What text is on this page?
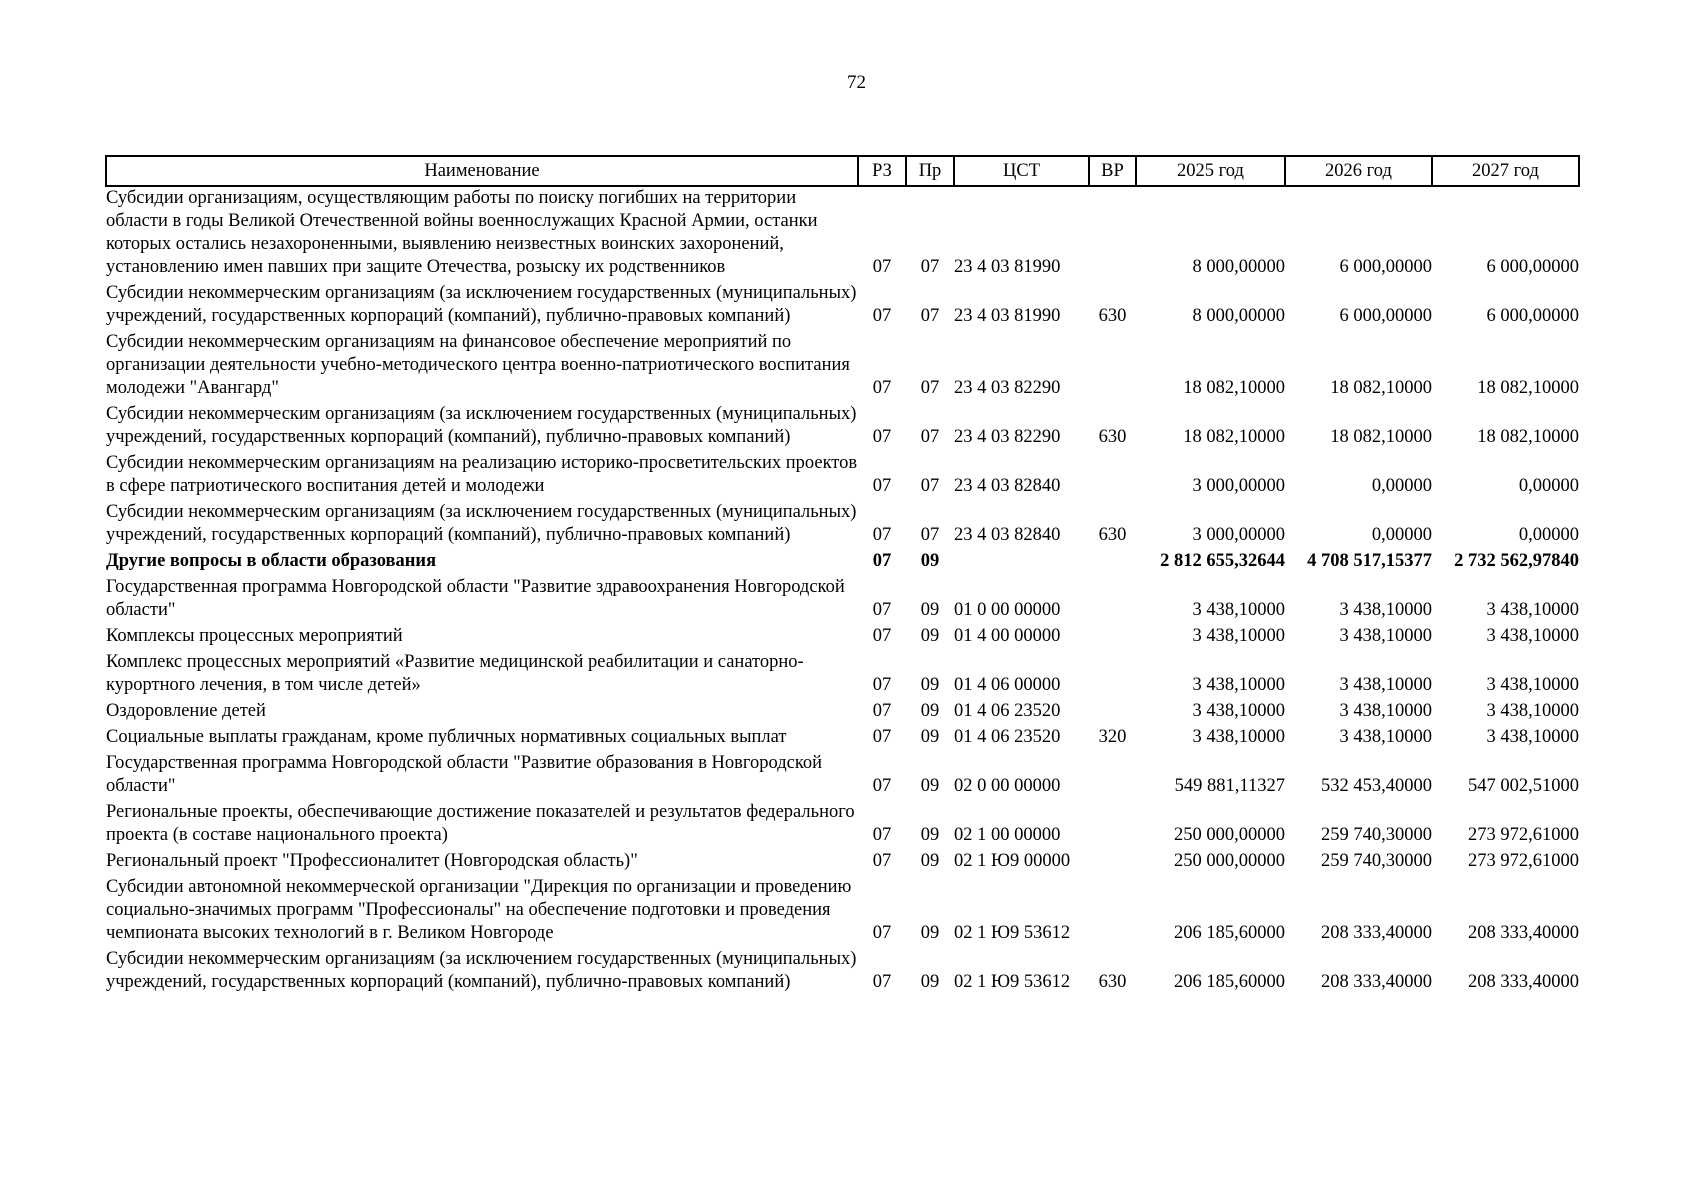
72
Наименование	РЗ	Пр	ЦСТ	ВР	2025 год	2026 год	2027 год
Субсидии организациям, осуществляющим работы по поиску погибших на территории области в годы Великой Отечественной войны военнослужащих Красной Армии, останки которых остались незахороненными, выявлению неизвестных воинских захоронений, установлению имен павших при защите Отечества, розыску их родственников	07	07	23 4 03 81990		8 000,00000	6 000,00000	6 000,00000
Субсидии некоммерческим организациям (за исключением государственных (муниципальных) учреждений, государственных корпораций (компаний), публично-правовых компаний)	07	07	23 4 03 81990	630	8 000,00000	6 000,00000	6 000,00000
Субсидии некоммерческим организациям на финансовое обеспечение мероприятий по организации деятельности учебно-методического центра военно-патриотического воспитания молодежи "Авангард"	07	07	23 4 03 82290		18 082,10000	18 082,10000	18 082,10000
Субсидии некоммерческим организациям (за исключением государственных (муниципальных) учреждений, государственных корпораций (компаний), публично-правовых компаний)	07	07	23 4 03 82290	630	18 082,10000	18 082,10000	18 082,10000
Субсидии некоммерческим организациям на реализацию историко-просветительских проектов в сфере патриотического воспитания детей и молодежи	07	07	23 4 03 82840		3 000,00000	0,00000	0,00000
Субсидии некоммерческим организациям (за исключением государственных (муниципальных) учреждений, государственных корпораций (компаний), публично-правовых компаний)	07	07	23 4 03 82840	630	3 000,00000	0,00000	0,00000
Другие вопросы в области образования	07	09			2 812 655,32644	4 708 517,15377	2 732 562,97840
Государственная программа Новгородской области "Развитие здравоохранения Новгородской области"	07	09	01 0 00 00000		3 438,10000	3 438,10000	3 438,10000
Комплексы процессных мероприятий	07	09	01 4 00 00000		3 438,10000	3 438,10000	3 438,10000
Комплекс процессных мероприятий «Развитие медицинской реабилитации и санаторно-курортного лечения, в том числе детей»	07	09	01 4 06 00000		3 438,10000	3 438,10000	3 438,10000
Оздоровление детей	07	09	01 4 06 23520		3 438,10000	3 438,10000	3 438,10000
Социальные выплаты гражданам, кроме публичных нормативных социальных выплат	07	09	01 4 06 23520	320	3 438,10000	3 438,10000	3 438,10000
Государственная программа Новгородской области "Развитие образования в Новгородской области"	07	09	02 0 00 00000		549 881,11327	532 453,40000	547 002,51000
Региональные проекты, обеспечивающие достижение показателей и результатов федерального проекта (в составе национального проекта)	07	09	02 1 00 00000		250 000,00000	259 740,30000	273 972,61000
Региональный проект "Профессионалитет (Новгородская область)"	07	09	02 1 Ю9 00000		250 000,00000	259 740,30000	273 972,61000
Субсидии автономной некоммерческой организации "Дирекция по организации и проведению социально-значимых программ "Профессионалы" на обеспечение подготовки и проведения чемпионата высоких технологий в г. Великом Новгороде	07	09	02 1 Ю9 53612		206 185,60000	208 333,40000	208 333,40000
Субсидии некоммерческим организациям (за исключением государственных (муниципальных) учреждений, государственных корпораций (компаний), публично-правовых компаний)	07	09	02 1 Ю9 53612	630	206 185,60000	208 333,40000	208 333,40000
